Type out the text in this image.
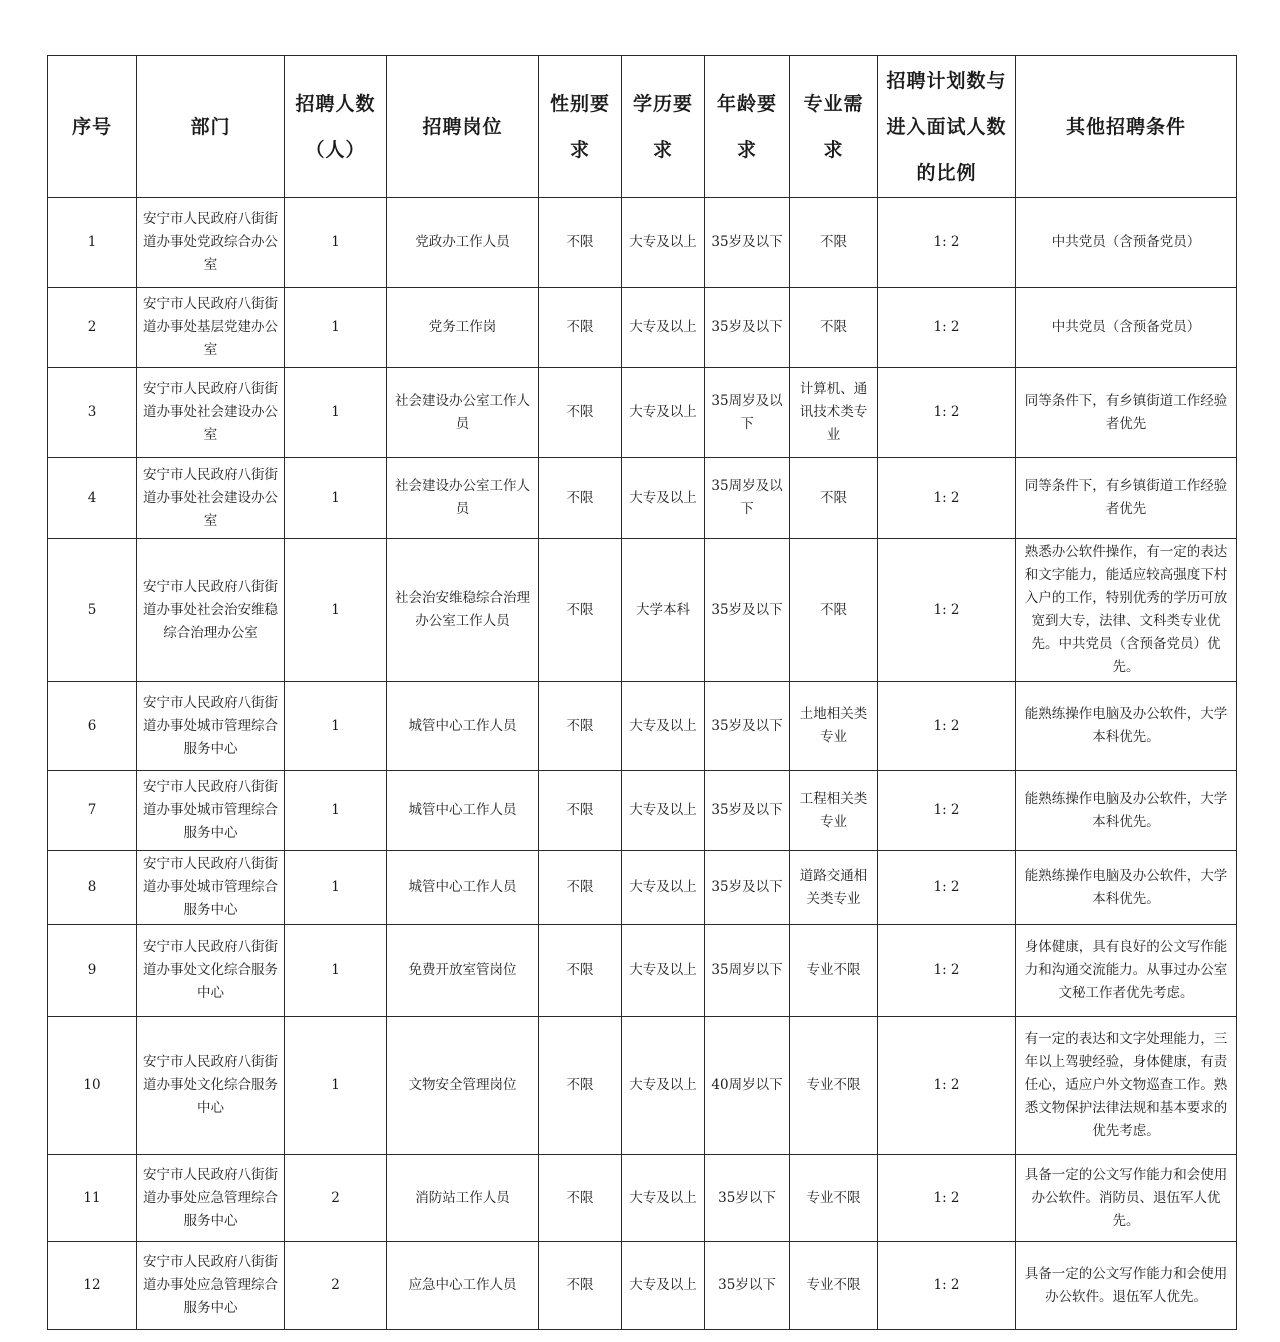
序号	部门	招聘人数（人）	招聘岗位	性别要求	学历要求	年龄要求	专业需求	招聘计划数与进入面试人数的比例	其他招聘条件
1	安宁市人民政府八街街道办事处党政综合办公室	1	党政办工作人员	不限	大专及以上	35岁及以下	不限	1: 2	中共党员（含预备党员）
2	安宁市人民政府八街街道办事处基层党建办公室	1	党务工作岗	不限	大专及以上	35岁及以下	不限	1: 2	中共党员（含预备党员）
3	安宁市人民政府八街街道办事处社会建设办公室	1	社会建设办公室工作人员	不限	大专及以上	35周岁及以下	计算机、通讯技术类专业	1: 2	同等条件下，有乡镇街道工作经验者优先
4	安宁市人民政府八街街道办事处社会建设办公室	1	社会建设办公室工作人员	不限	大专及以上	35周岁及以下	不限	1: 2	同等条件下，有乡镇街道工作经验者优先
5	安宁市人民政府八街街道办事处社会治安维稳综合治理办公室	1	社会治安维稳综合治理办公室工作人员	不限	大学本科	35岁及以下	不限	1: 2	熟悉办公软件操作，有一定的表达和文字能力，能适应较高强度下村入户的工作，特别优秀的学历可放宽到大专，法律、文科类专业优先。中共党员（含预备党员）优先。
6	安宁市人民政府八街街道办事处城市管理综合服务中心	1	城管中心工作人员	不限	大专及以上	35岁及以下	土地相关类专业	1: 2	能熟练操作电脑及办公软件，大学本科优先。
7	安宁市人民政府八街街道办事处城市管理综合服务中心	1	城管中心工作人员	不限	大专及以上	35岁及以下	工程相关类专业	1: 2	能熟练操作电脑及办公软件，大学本科优先。
8	安宁市人民政府八街街道办事处城市管理综合服务中心	1	城管中心工作人员	不限	大专及以上	35岁及以下	道路交通相关类专业	1: 2	能熟练操作电脑及办公软件，大学本科优先。
9	安宁市人民政府八街街道办事处文化综合服务中心	1	免费开放室管岗位	不限	大专及以上	35周岁以下	专业不限	1: 2	身体健康，具有良好的公文写作能力和沟通交流能力。从事过办公室文秘工作者优先考虑。
10	安宁市人民政府八街街道办事处文化综合服务中心	1	文物安全管理岗位	不限	大专及以上	40周岁以下	专业不限	1: 2	有一定的表达和文字处理能力，三年以上驾驶经验，身体健康，有责任心，适应户外文物巡查工作。熟悉文物保护法律法规和基本要求的优先考虑。
11	安宁市人民政府八街街道办事处应急管理综合服务中心	2	消防站工作人员	不限	大专及以上	35岁以下	专业不限	1: 2	具备一定的公文写作能力和会使用办公软件。消防员、退伍军人优先。
12	安宁市人民政府八街街道办事处应急管理综合服务中心	2	应急中心工作人员	不限	大专及以上	35岁以下	专业不限	1: 2	具备一定的公文写作能力和会使用办公软件。退伍军人优先。
